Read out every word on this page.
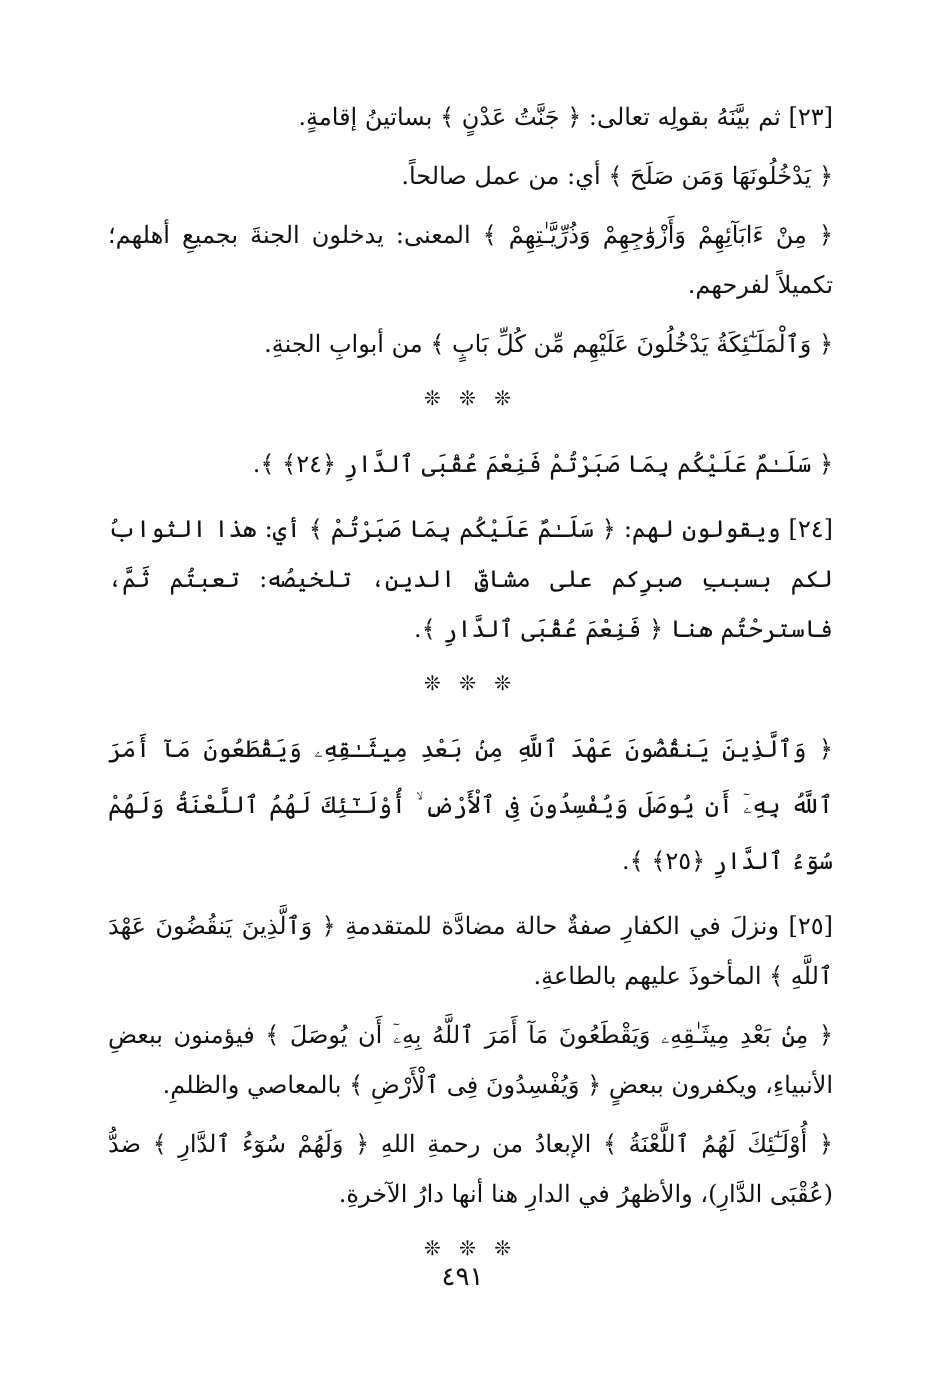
[٢٣] ثم بيَّنَهُ بقولِه تعالى: ﴿ جَنَّتُ عَدْنٍ ﴾ بساتينُ إقامةٍ.

﴿ يَدْخُلُونَهَا وَمَن صَلَحَ ﴾ أي: من عمل صالحاً.

﴿ مِنْ ءَابَآئِهِمْ وَأَزْوَٰجِهِمْ وَذُرِّيَّـٰتِهِمْ ﴾ المعنى: يدخلون الجنةَ بجميعِ أهلهم؛ تكميلاً لفرحهم.

﴿ وَٱلْمَلَـٰٓئِكَةُ يَدْخُلُونَ عَلَيْهِم مِّن كُلِّ بَابٍ ﴾ من أبوابِ الجنةِ.

❊ ❊ ❊

﴿ سَلَـٰمٌ عَلَيْكُم بِمَا صَبَرْتُمْ فَنِعْمَ عُقْبَى ٱلدَّارِ ﴿٢٤﴾ ﴾.

[٢٤] ويقولون لهم: ﴿ سَلَـٰمٌ عَلَيْكُم بِمَا صَبَرْتُمْ ﴾ أي: هذا الثوابُ لكم بسببِ صبرِكم على مشاقِّ الدينِ، تلخيصُه: تعبتُم ثَمَّ، فاسترحْتُم هنا ﴿ فَنِعْمَ عُقْبَى ٱلدَّارِ ﴾.

❊ ❊ ❊

﴿ وَٱلَّذِينَ يَنقُضُونَ عَهْدَ ٱللَّهِ مِنۢ بَعْدِ مِيثَـٰقِهِۦ وَيَقْطَعُونَ مَآ أَمَرَ ٱللَّهُ بِهِۦٓ أَن يُوصَلَ وَيُفْسِدُونَ فِى ٱلْأَرْضِ ۙ أُوْلَـٰٓئِكَ لَهُمُ ٱللَّعْنَةُ وَلَهُمْ سُوٓءُ ٱلدَّارِ ﴿٢٥﴾ ﴾.

[٢٥] ونزلَ في الكفارِ صفةٌ حالة مضادَّة للمتقدمةِ ﴿ وَٱلَّذِينَ يَنقُضُونَ عَهْدَ ٱللَّهِ ﴾ المأخوذَ عليهم بالطاعةِ.

﴿ مِنۢ بَعْدِ مِيثَـٰقِهِۦ وَيَقْطَعُونَ مَآ أَمَرَ ٱللَّهُ بِهِۦٓ أَن يُوصَلَ ﴾ فيؤمنون ببعضِ الأنبياءِ، ويكفرون ببعضٍ ﴿ وَيُفْسِدُونَ فِى ٱلْأَرْضِ ﴾ بالمعاصي والظلمِ.

﴿ أُوْلَـٰٓئِكَ لَهُمُ ٱللَّعْنَةُ ﴾ الإبعادُ من رحمةِ اللهِ ﴿ وَلَهُمْ سُوٓءُ ٱلدَّارِ ﴾ ضدُّ (عُقْبَى الدَّارِ)، والأظهرُ في الدارِ هنا أنها دارُ الآخرةِ.

❊ ❊ ❊
٤٩١
